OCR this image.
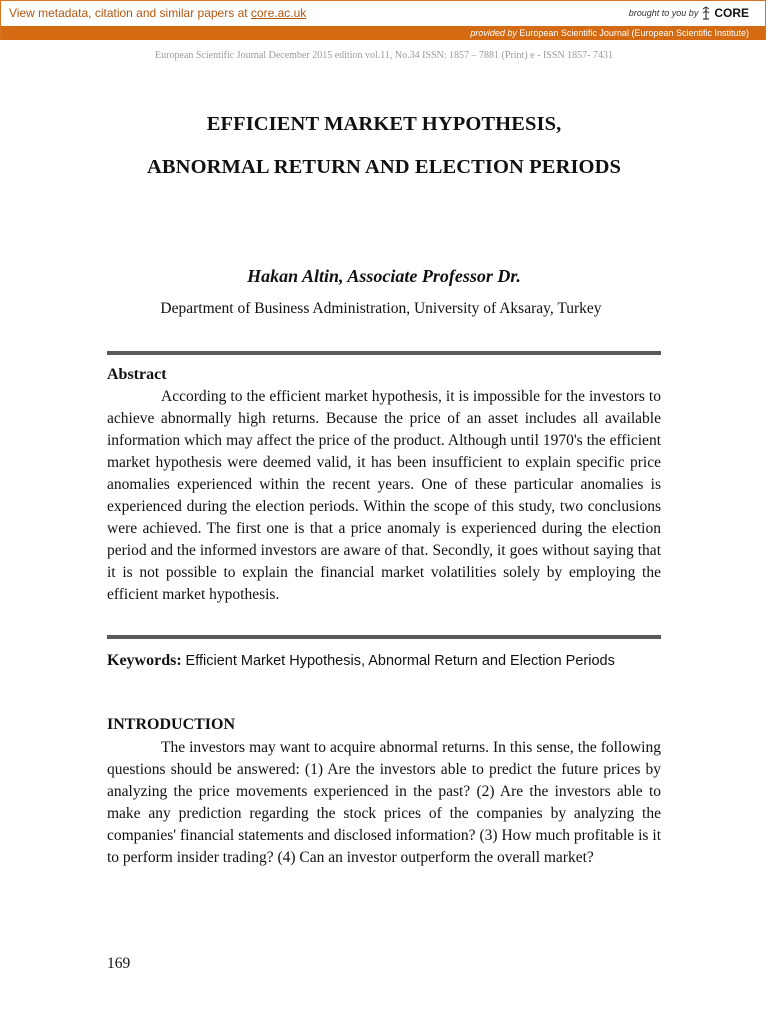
View metadata, citation and similar papers at core.ac.uk	brought to you by CORE
provided by European Scientific Journal (European Scientific Institute)
European Scientific Journal December 2015 edition vol.11, No.34 ISSN: 1857 – 7881 (Print) e - ISSN 1857- 7431
EFFICIENT MARKET HYPOTHESIS,
ABNORMAL RETURN AND ELECTION PERIODS
Hakan Altin, Associate Professor Dr.
Department of Business Administration, University of Aksaray, Turkey
Abstract

According to the efficient market hypothesis, it is impossible for the investors to achieve abnormally high returns. Because the price of an asset includes all available information which may affect the price of the product. Although until 1970's the efficient market hypothesis were deemed valid, it has been insufficient to explain specific price anomalies experienced within the recent years. One of these particular anomalies is experienced during the election periods. Within the scope of this study, two conclusions were achieved. The first one is that a price anomaly is experienced during the election period and the informed investors are aware of that. Secondly, it goes without saying that it is not possible to explain the financial market volatilities solely by employing the efficient market hypothesis.

Keywords: Efficient Market Hypothesis, Abnormal Return and Election Periods

INTRODUCTION

The investors may want to acquire abnormal returns. In this sense, the following questions should be answered: (1) Are the investors able to predict the future prices by analyzing the price movements experienced in the past? (2) Are the investors able to make any prediction regarding the stock prices of the companies by analyzing the companies' financial statements and disclosed information? (3) How much profitable is it to perform insider trading? (4) Can an investor outperform the overall market?

169
